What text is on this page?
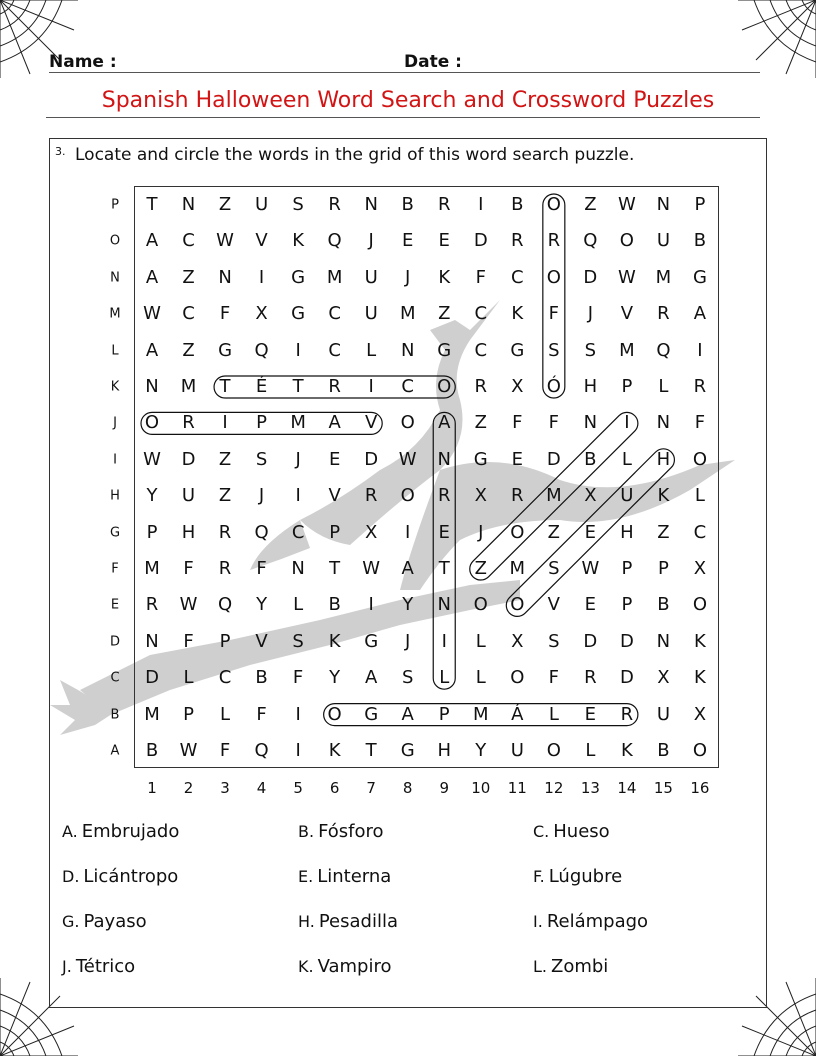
Name :	Date :
Spanish Halloween Word Search and Crossword Puzzles
3. Locate and circle the words in the grid of this word search puzzle.
T	N	Z	U	S	R	N	B	R	I	B	O	Z	W	N	P
A	C	W	V	K	Q	J	E	E	D	R	R	Q	O	U	B
A	Z	N	I	G	M	U	J	K	F	C	O	D	W	M	G
W	C	F	X	G	C	U	M	Z	C	K	F	J	V	R	A
A	Z	G	Q	I	C	L	N	G	C	G	S	S	M	Q	I
N	M	T	É	T	R	I	C	O	R	X	Ó	H	P	L	R
O	R	I	P	M	A	V	O	A	Z	F	F	N	I	N	F
W	D	Z	S	J	E	D	W	N	G	E	D	B	L	H	O
Y	U	Z	J	I	V	R	O	R	X	R	M	X	U	K	L
P	H	R	Q	C	P	X	I	E	J	O	Z	E	H	Z	C
M	F	R	F	N	T	W	A	T	Z	M	S	W	P	P	X
R	W	Q	Y	L	B	I	Y	N	O	O	V	E	P	B	O
N	F	P	V	S	K	G	J	I	L	X	S	D	D	N	K
D	L	C	B	F	Y	A	S	L	L	O	F	R	D	X	K
M	P	L	F	I	O	G	A	P	M	Á	L	E	R	U	X
B	W	F	Q	I	K	T	G	H	Y	U	O	L	K	B	O
P
O
N
M
L
K
J
I
H
G
F
E
D
C
B
A
1	2	3	4	5	6	7	8	9	10	11	12	13	14	15	16
A. Embrujado	B. Fósforo	C. Hueso
D. Licántropo	E. Linterna	F. Lúgubre
G. Payaso	H. Pesadilla	I. Relámpago
J. Tétrico	K. Vampiro	L. Zombi
